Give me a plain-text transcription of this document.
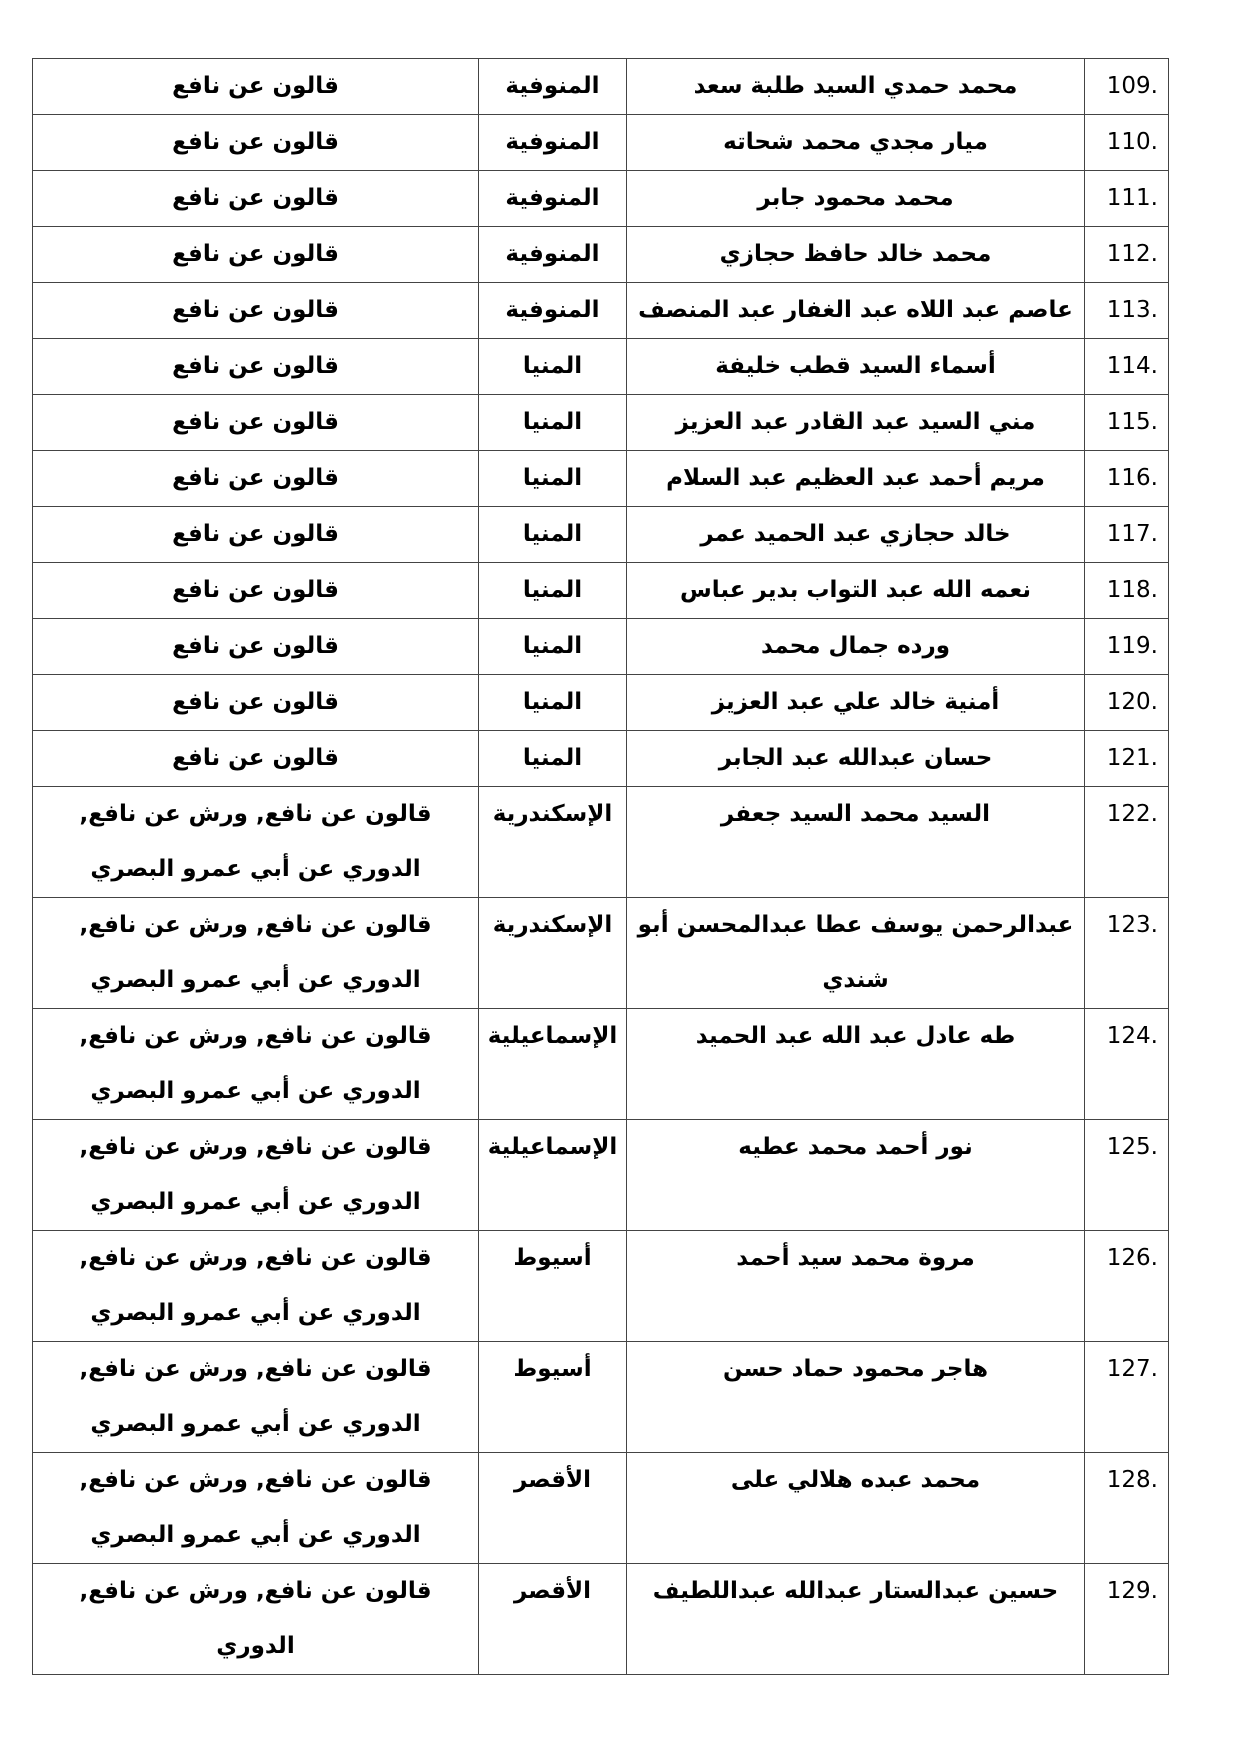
قالون عن نافع	المنوفية	محمد حمدي السيد طلبة سعد	109.
قالون عن نافع	المنوفية	ميار مجدي محمد شحاته	110.
قالون عن نافع	المنوفية	محمد محمود جابر	111.
قالون عن نافع	المنوفية	محمد خالد حافظ حجازي	112.
قالون عن نافع	المنوفية	عاصم عبد اللاه عبد الغفار عبد المنصف	113.
قالون عن نافع	المنيا	أسماء السيد قطب خليفة	114.
قالون عن نافع	المنيا	مني السيد عبد القادر عبد العزيز	115.
قالون عن نافع	المنيا	مريم أحمد عبد العظيم عبد السلام	116.
قالون عن نافع	المنيا	خالد حجازي عبد الحميد عمر	117.
قالون عن نافع	المنيا	نعمه الله عبد التواب بدير عباس	118.
قالون عن نافع	المنيا	ورده جمال محمد	119.
قالون عن نافع	المنيا	أمنية خالد علي عبد العزيز	120.
قالون عن نافع	المنيا	حسان عبدالله عبد الجابر	121.
قالون عن نافع, ورش عن نافع, الدوري عن أبي عمرو البصري	الإسكندرية	السيد محمد السيد جعفر	122.
قالون عن نافع, ورش عن نافع, الدوري عن أبي عمرو البصري	الإسكندرية	عبدالرحمن يوسف عطا عبدالمحسن أبو شندي	123.
قالون عن نافع, ورش عن نافع, الدوري عن أبي عمرو البصري	الإسماعيلية	طه عادل عبد الله عبد الحميد	124.
قالون عن نافع, ورش عن نافع, الدوري عن أبي عمرو البصري	الإسماعيلية	نور أحمد محمد عطيه	125.
قالون عن نافع, ورش عن نافع, الدوري عن أبي عمرو البصري	أسيوط	مروة محمد سيد أحمد	126.
قالون عن نافع, ورش عن نافع, الدوري عن أبي عمرو البصري	أسيوط	هاجر محمود حماد حسن	127.
قالون عن نافع, ورش عن نافع, الدوري عن أبي عمرو البصري	الأقصر	محمد عبده هلالي على	128.
قالون عن نافع, ورش عن نافع, الدوري	الأقصر	حسين عبدالستار عبدالله عبداللطيف	129.
